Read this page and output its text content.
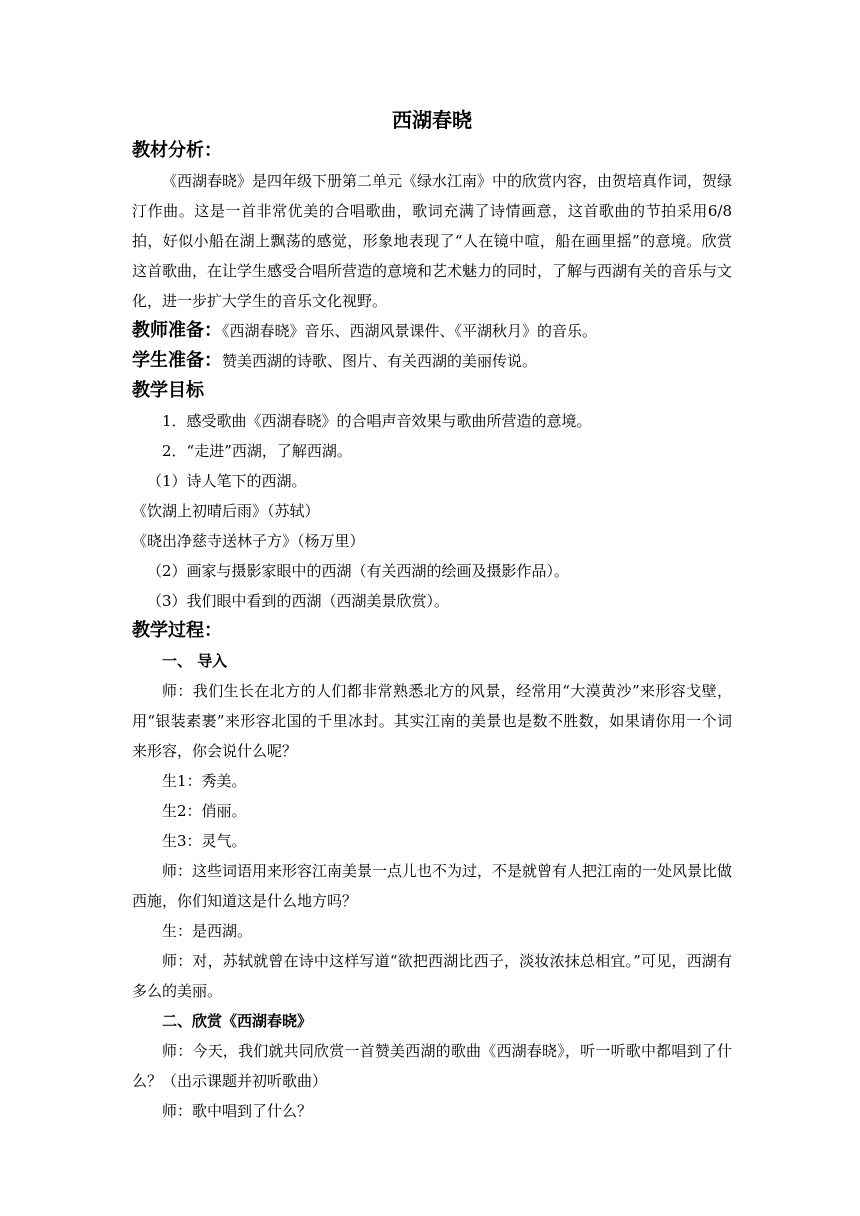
西湖春晓
教材分析：

《西湖春晓》是四年级下册第二单元《绿水江南》中的欣赏内容，由贺培真作词，贺绿汀作曲。这是一首非常优美的合唱歌曲，歌词充满了诗情画意，这首歌曲的节拍采用6/8拍，好似小船在湖上飘荡的感觉，形象地表现了“人在镜中喧，船在画里摇”的意境。欣赏这首歌曲，在让学生感受合唱所营造的意境和艺术魅力的同时，了解与西湖有关的音乐与文化，进一步扩大学生的音乐文化视野。

教师准备：《西湖春晓》音乐、西湖风景课件、《平湖秋月》的音乐。

学生准备：赞美西湖的诗歌、图片、有关西湖的美丽传说。

教学目标

1．感受歌曲《西湖春晓》的合唱声音效果与歌曲所营造的意境。

2．“走进”西湖，了解西湖。

（1）诗人笔下的西湖。

《饮湖上初晴后雨》（苏轼）

《晓出净慈寺送林子方》（杨万里）

（2）画家与摄影家眼中的西湖（有关西湖的绘画及摄影作品）。

（3）我们眼中看到的西湖（西湖美景欣赏）。

教学过程：

一、 导入

师：我们生长在北方的人们都非常熟悉北方的风景，经常用“大漠黄沙”来形容戈壁，用“银装素裹”来形容北国的千里冰封。其实江南的美景也是数不胜数，如果请你用一个词来形容，你会说什么呢？

生1：秀美。

生2：俏丽。

生3：灵气。

师：这些词语用来形容江南美景一点儿也不为过，不是就曾有人把江南的一处风景比做西施，你们知道这是什么地方吗？

生：是西湖。

师：对，苏轼就曾在诗中这样写道“欲把西湖比西子，淡妆浓抹总相宜。”可见，西湖有多么的美丽。

二、欣赏《西湖春晓》

师：今天，我们就共同欣赏一首赞美西湖的歌曲《西湖春晓》，听一听歌中都唱到了什么？（出示课题并初听歌曲）

师：歌中唱到了什么？
